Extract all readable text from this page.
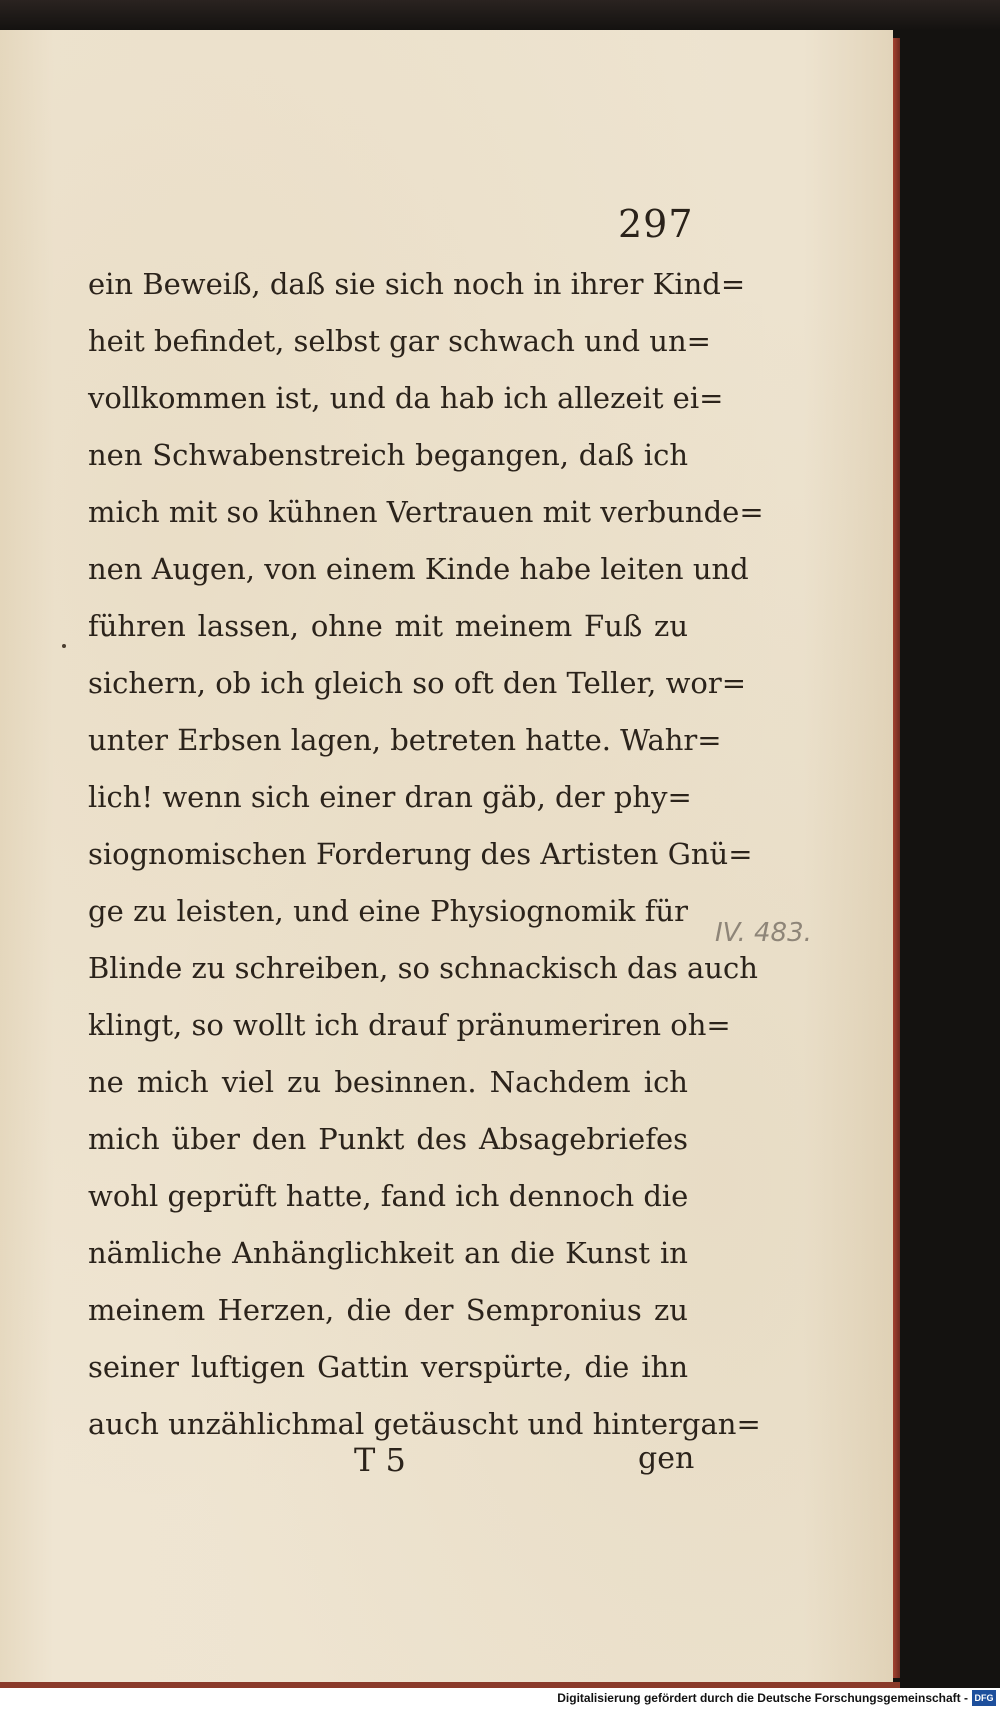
297
ein Beweiß, daß sie sich noch in ihrer Kind=
heit befindet, selbst gar schwach und un=
vollkommen ist, und da hab ich allezeit ei=
nen Schwabenstreich begangen, daß ich
mich mit so kühnen Vertrauen mit verbunde=
nen Augen, von einem Kinde habe leiten und
führen lassen, ohne mit meinem Fuß zu
sichern, ob ich gleich so oft den Teller, wor=
unter Erbsen lagen, betreten hatte. Wahr=
lich! wenn sich einer dran gäb, der phy=
siognomischen Forderung des Artisten Gnü=
ge zu leisten, und eine Physiognomik für
Blinde zu schreiben, so schnackisch das auch
klingt, so wollt ich drauf pränumeriren oh=
ne mich viel zu besinnen. Nachdem ich
mich über den Punkt des Absagebriefes
wohl geprüft hatte, fand ich dennoch die
nämliche Anhänglichkeit an die Kunst in
meinem Herzen, die der Sempronius zu
seiner luftigen Gattin verspürte, die ihn
auch unzählichmal getäuscht und hintergan=
IV. 483.
T 5	gen
Digitalisierung gefördert durch die Deutsche Forschungsgemeinschaft - DFG
